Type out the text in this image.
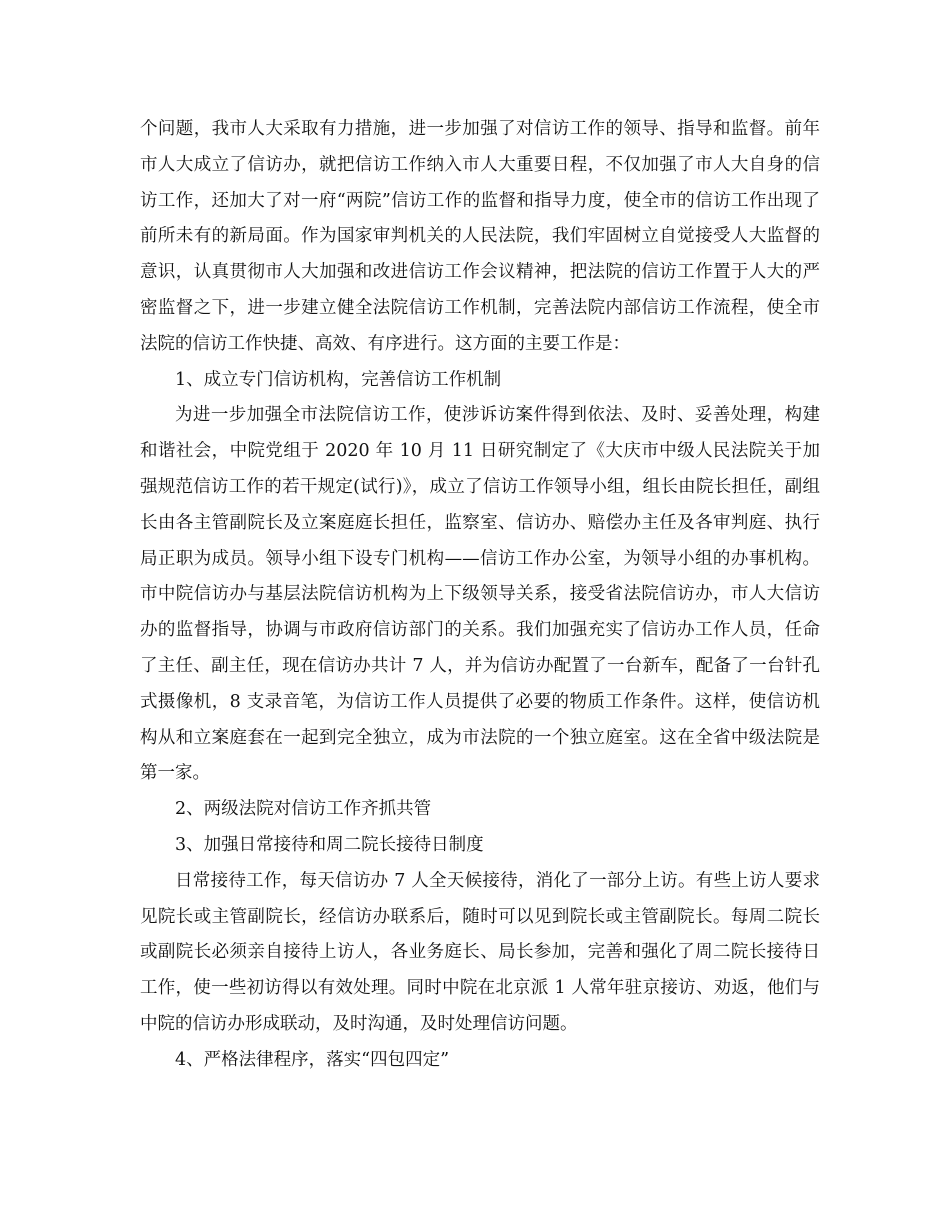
个问题，我市人大采取有力措施，进一步加强了对信访工作的领导、指导和监督。前年市人大成立了信访办，就把信访工作纳入市人大重要日程，不仅加强了市人大自身的信访工作，还加大了对一府“两院”信访工作的监督和指导力度，使全市的信访工作出现了前所未有的新局面。作为国家审判机关的人民法院，我们牢固树立自觉接受人大监督的意识，认真贯彻市人大加强和改进信访工作会议精神，把法院的信访工作置于人大的严密监督之下，进一步建立健全法院信访工作机制，完善法院内部信访工作流程，使全市法院的信访工作快捷、高效、有序进行。这方面的主要工作是：

1、成立专门信访机构，完善信访工作机制

为进一步加强全市法院信访工作，使涉诉访案件得到依法、及时、妥善处理，构建和谐社会，中院党组于 2020 年 10 月 11 日研究制定了《大庆市中级人民法院关于加强规范信访工作的若干规定(试行)》，成立了信访工作领导小组，组长由院长担任，副组长由各主管副院长及立案庭庭长担任，监察室、信访办、赔偿办主任及各审判庭、执行局正职为成员。领导小组下设专门机构——信访工作办公室，为领导小组的办事机构。市中院信访办与基层法院信访机构为上下级领导关系，接受省法院信访办，市人大信访办的监督指导，协调与市政府信访部门的关系。我们加强充实了信访办工作人员，任命了主任、副主任，现在信访办共计 7 人，并为信访办配置了一台新车，配备了一台针孔式摄像机，8 支录音笔，为信访工作人员提供了必要的物质工作条件。这样，使信访机构从和立案庭套在一起到完全独立，成为市法院的一个独立庭室。这在全省中级法院是第一家。

2、两级法院对信访工作齐抓共管

3、加强日常接待和周二院长接待日制度

日常接待工作，每天信访办 7 人全天候接待，消化了一部分上访。有些上访人要求见院长或主管副院长，经信访办联系后，随时可以见到院长或主管副院长。每周二院长或副院长必须亲自接待上访人，各业务庭长、局长参加，完善和强化了周二院长接待日工作，使一些初访得以有效处理。同时中院在北京派 1 人常年驻京接访、劝返，他们与中院的信访办形成联动，及时沟通，及时处理信访问题。

4、严格法律程序，落实“四包四定”
